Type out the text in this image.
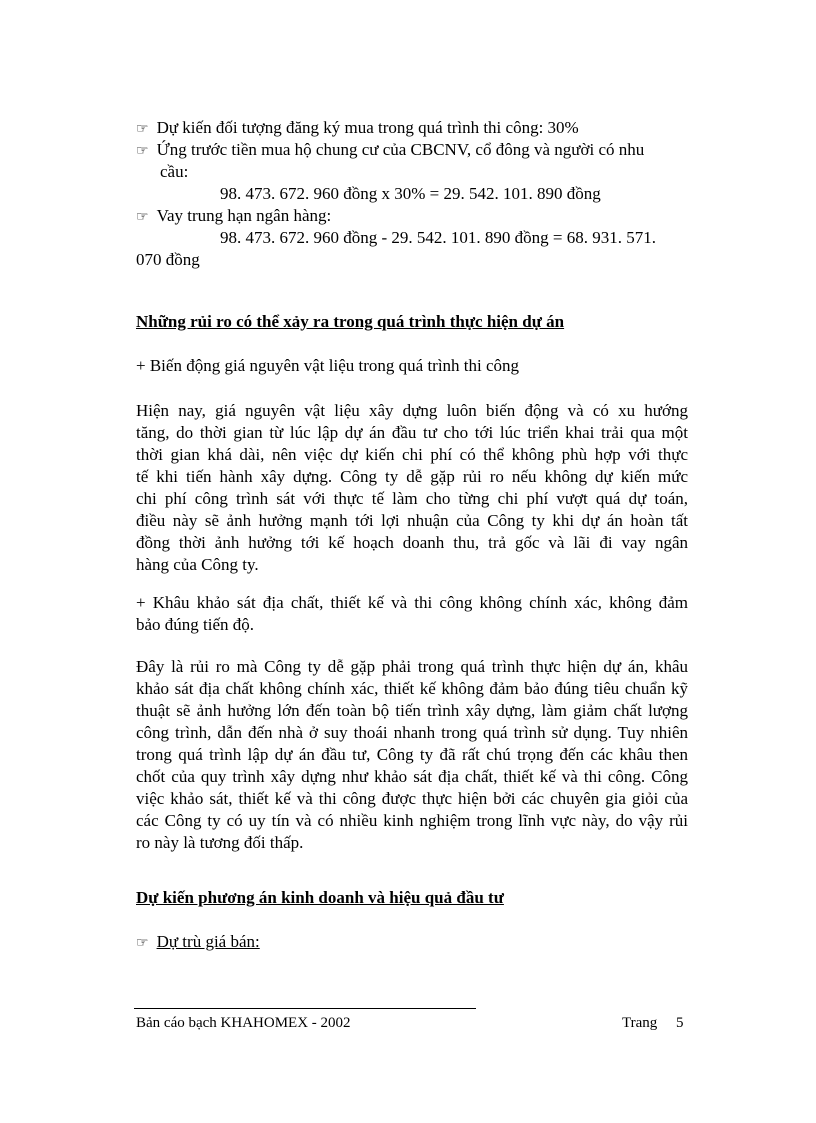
☞ Dự kiến đối tượng đăng ký mua trong quá trình thi công: 30%
☞ Ứng trước tiền mua hộ chung cư của CBCNV, cổ đông và người có nhu
cầu:
98. 473. 672. 960 đồng x 30% = 29. 542. 101. 890 đồng
☞ Vay trung hạn ngân hàng:
98. 473. 672. 960 đồng - 29. 542. 101. 890 đồng = 68. 931. 571.
070 đồng
Những rủi ro có thể xảy ra trong quá trình thực hiện dự án
+ Biến động giá nguyên vật liệu trong quá trình thi công
Hiện nay, giá nguyên vật liệu xây dựng luôn biến động và có xu hướng
tăng, do thời gian từ lúc lập dự án đầu tư cho tới lúc triển khai trải qua một
thời gian khá dài, nên việc dự kiến chi phí có thể không phù hợp với thực
tế khi tiến hành xây dựng. Công ty dễ gặp rủi ro nếu không dự kiến mức
chi phí công trình sát với thực tế làm cho từng chi phí vượt quá dự toán,
điều này sẽ ảnh hưởng mạnh tới lợi nhuận của Công ty khi dự án hoàn tất
đồng thời ảnh hưởng tới kế hoạch doanh thu, trả gốc và lãi đi vay ngân
hàng của Công ty.
+ Khâu khảo sát địa chất, thiết kế và thi công không chính xác, không đảm
bảo đúng tiến độ.
Đây là rủi ro mà Công ty dễ gặp phải trong quá trình thực hiện dự án, khâu
khảo sát địa chất không chính xác, thiết kế không đảm bảo đúng tiêu chuẩn kỹ
thuật sẽ ảnh hưởng lớn đến toàn bộ tiến trình xây dựng, làm giảm chất lượng
công trình, dẫn đến nhà ở suy thoái nhanh trong quá trình sử dụng. Tuy nhiên
trong quá trình lập dự án đầu tư, Công ty đã rất chú trọng đến các khâu then
chốt của quy trình xây dựng như khảo sát địa chất, thiết kế và thi công. Công
việc khảo sát, thiết kế và thi công được thực hiện bởi các chuyên gia giỏi của
các Công ty có uy tín và có nhiều kinh nghiệm trong lĩnh vực này, do vậy rủi
ro này là tương đối thấp.
Dự kiến phương án kinh doanh và hiệu quả đầu tư
☞ Dự trù giá bán:
Bản cáo bạch KHAHOMEX - 2002	Trang 5
